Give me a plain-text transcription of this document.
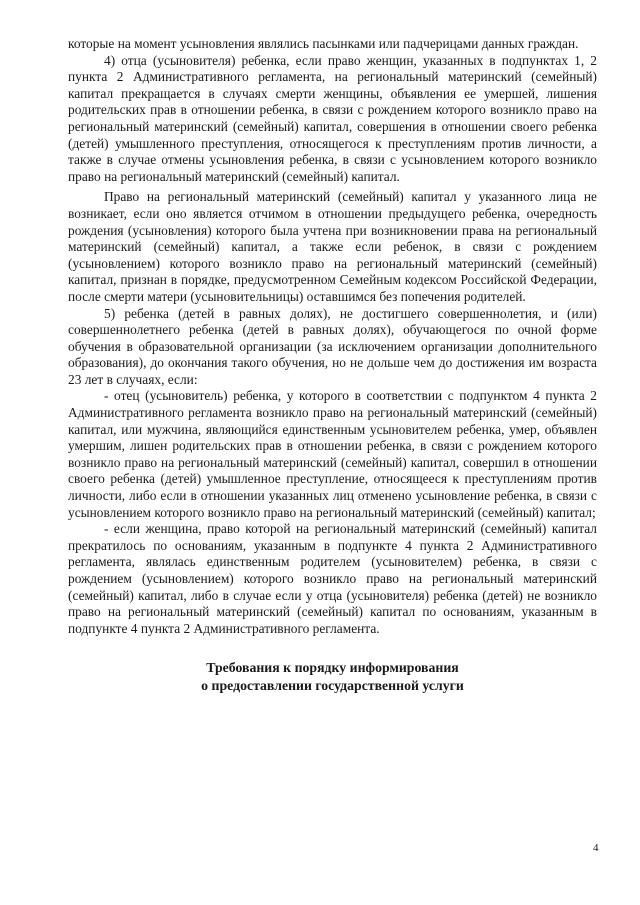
которые на момент усыновления являлись пасынками или падчерицами данных граждан.

4) отца (усыновителя) ребенка, если право женщин, указанных в подпунктах 1, 2 пункта 2 Административного регламента, на региональный материнский (семейный) капитал прекращается в случаях смерти женщины, объявления ее умершей, лишения родительских прав в отношении ребенка, в связи с рождением которого возникло право на региональный материнский (семейный) капитал, совершения в отношении своего ребенка (детей) умышленного преступления, относящегося к преступлениям против личности, а также в случае отмены усыновления ребенка, в связи с усыновлением которого возникло право на региональный материнский (семейный) капитал.

Право на региональный материнский (семейный) капитал у указанного лица не возникает, если оно является отчимом в отношении предыдущего ребенка, очередность рождения (усыновления) которого была учтена при возникновении права на региональный материнский (семейный) капитал, а также если ребенок, в связи с рождением (усыновлением) которого возникло право на региональный материнский (семейный) капитал, признан в порядке, предусмотренном Семейным кодексом Российской Федерации, после смерти матери (усыновительницы) оставшимся без попечения родителей.

5) ребенка (детей в равных долях), не достигшего совершеннолетия, и (или) совершеннолетнего ребенка (детей в равных долях), обучающегося по очной форме обучения в образовательной организации (за исключением организации дополнительного образования), до окончания такого обучения, но не дольше чем до достижения им возраста 23 лет в случаях, если:

- отец (усыновитель) ребенка, у которого в соответствии с подпунктом 4 пункта 2 Административного регламента возникло право на региональный материнский (семейный) капитал, или мужчина, являющийся единственным усыновителем ребенка, умер, объявлен умершим, лишен родительских прав в отношении ребенка, в связи с рождением которого возникло право на региональный материнский (семейный) капитал, совершил в отношении своего ребенка (детей) умышленное преступление, относящееся к преступлениям против личности, либо если в отношении указанных лиц отменено усыновление ребенка, в связи с усыновлением которого возникло право на региональный материнский (семейный) капитал;

- если женщина, право которой на региональный материнский (семейный) капитал прекратилось по основаниям, указанным в подпункте 4 пункта 2 Административного регламента, являлась единственным родителем (усыновителем) ребенка, в связи с рождением (усыновлением) которого возникло право на региональный материнский (семейный) капитал, либо в случае если у отца (усыновителя) ребенка (детей) не возникло право на региональный материнский (семейный) капитал по основаниям, указанным в подпункте 4 пункта 2 Административного регламента.

Требования к порядку информирования
о предоставлении государственной услуги
4
